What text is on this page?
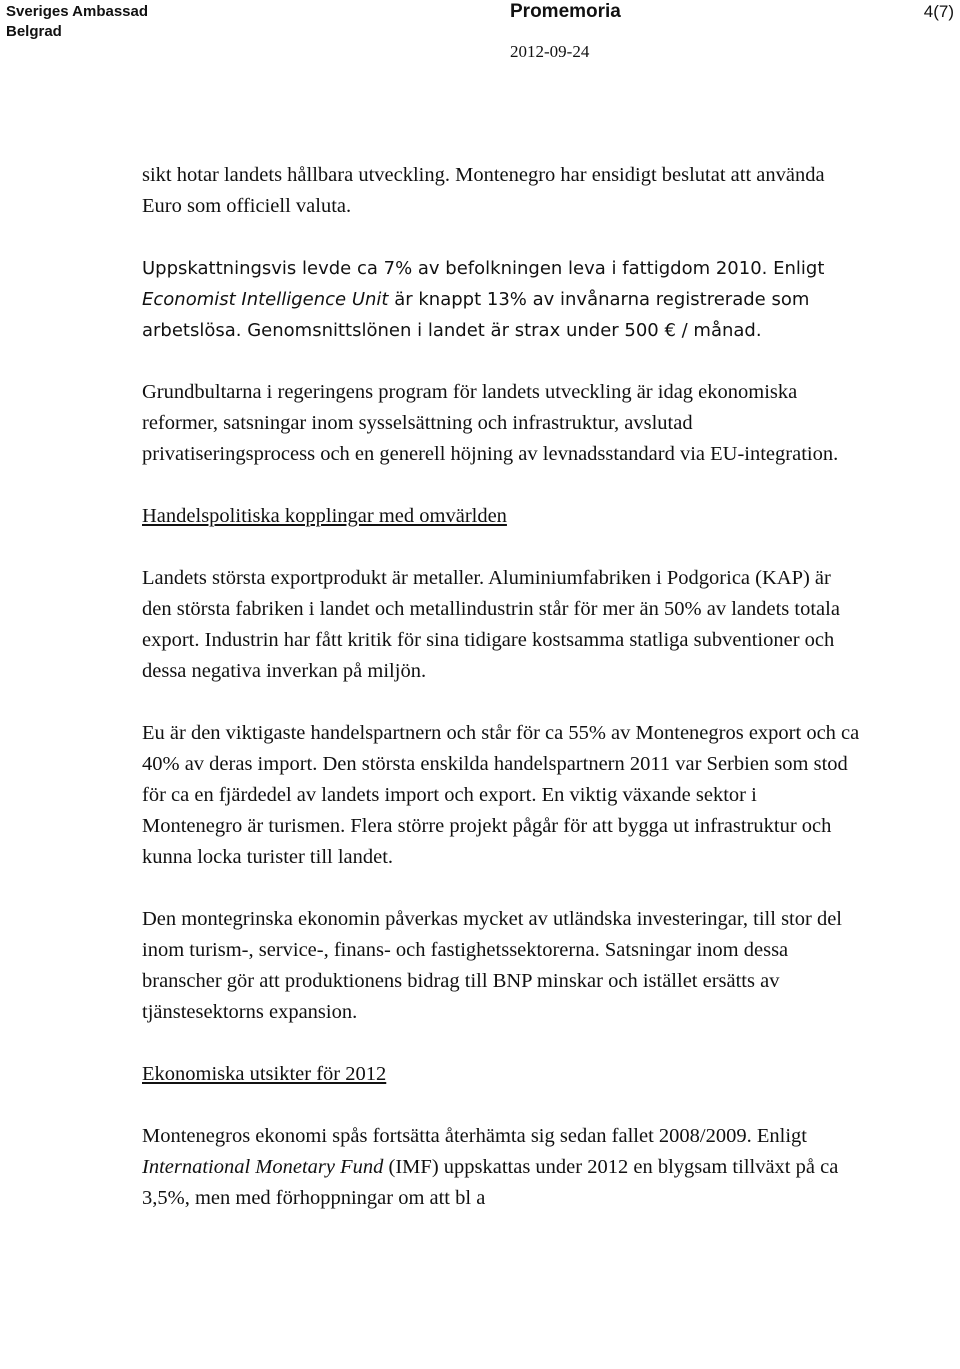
Sveriges Ambassad
Belgrad
Promemoria	4(7)
2012-09-24

sikt hotar landets hållbara utveckling. Montenegro har ensidigt beslutat att använda Euro som officiell valuta.

Uppskattningsvis levde ca 7% av befolkningen leva i fattigdom 2010. Enligt Economist Intelligence Unit är knappt 13% av invånarna registrerade som arbetslösa. Genomsnittslönen i landet är strax under 500 € / månad.

Grundbultarna i regeringens program för landets utveckling är idag ekonomiska reformer, satsningar inom sysselsättning och infrastruktur, avslutad privatiseringsprocess och en generell höjning av levnadsstandard via EU-integration.

Handelspolitiska kopplingar med omvärlden

Landets största exportprodukt är metaller. Aluminiumfabriken i Podgorica (KAP) är den största fabriken i landet och metallindustrin står för mer än 50% av landets totala export. Industrin har fått kritik för sina tidigare kostsamma statliga subventioner och dessa negativa inverkan på miljön.

Eu är den viktigaste handelspartnern och står för ca 55% av Montenegros export och ca 40% av deras import. Den största enskilda handelspartnern 2011 var Serbien som stod för ca en fjärdedel av landets import och export. En viktig växande sektor i Montenegro är turismen. Flera större projekt pågår för att bygga ut infrastruktur och kunna locka turister till landet.

Den montegrinska ekonomin påverkas mycket av utländska investeringar, till stor del inom turism-, service-, finans- och fastighetssektorerna. Satsningar inom dessa branscher gör att produktionens bidrag till BNP minskar och istället ersätts av tjänstesektorns expansion.

Ekonomiska utsikter för 2012

Montenegros ekonomi spås fortsätta återhämta sig sedan fallet 2008/2009. Enligt International Monetary Fund (IMF) uppskattas under 2012 en blygsam tillväxt på ca 3,5%, men med förhoppningar om att bl a
